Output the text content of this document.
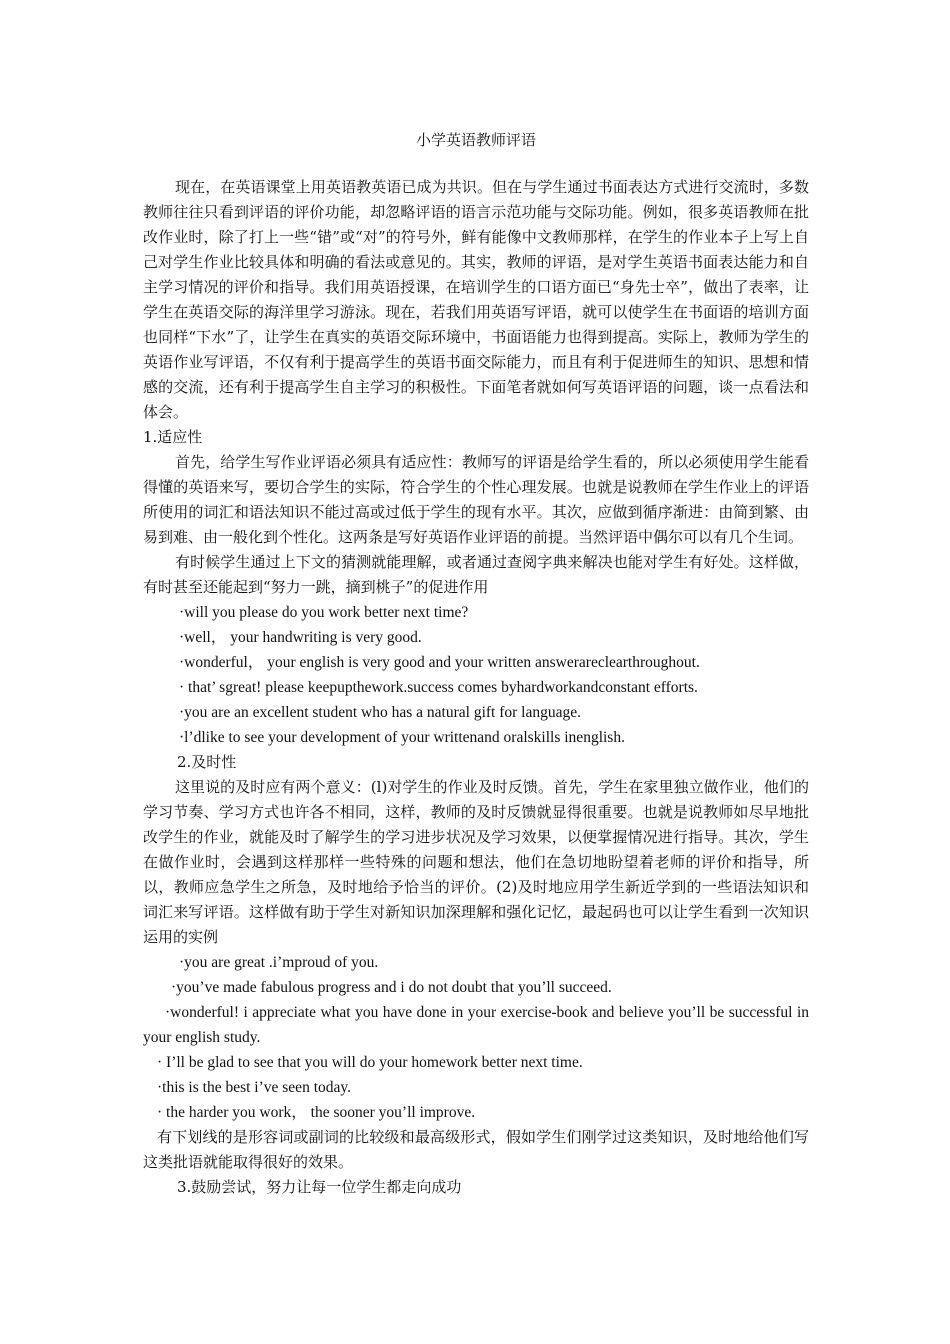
小学英语教师评语

现在，在英语课堂上用英语教英语已成为共识。但在与学生通过书面表达方式进行交流时，多数教师往往只看到评语的评价功能，却忽略评语的语言示范功能与交际功能。例如，很多英语教师在批改作业时，除了打上一些“错”或“对”的符号外，鲜有能像中文教师那样，在学生的作业本子上写上自己对学生作业比较具体和明确的看法或意见的。其实，教师的评语，是对学生英语书面表达能力和自主学习情况的评价和指导。我们用英语授课，在培训学生的口语方面已“身先士卒”，做出了表率，让学生在英语交际的海洋里学习游泳。现在，若我们用英语写评语，就可以使学生在书面语的培训方面也同样“下水”了，让学生在真实的英语交际环境中，书面语能力也得到提高。实际上，教师为学生的英语作业写评语，不仅有利于提高学生的英语书面交际能力，而且有利于促进师生的知识、思想和情感的交流，还有利于提高学生自主学习的积极性。下面笔者就如何写英语评语的问题，谈一点看法和体会。

1.适应性

首先，给学生写作业评语必须具有适应性：教师写的评语是给学生看的，所以必须使用学生能看得懂的英语来写，要切合学生的实际，符合学生的个性心理发展。也就是说教师在学生作业上的评语所使用的词汇和语法知识不能过高或过低于学生的现有水平。其次，应做到循序渐进：由简到繁、由易到难、由一般化到个性化。这两条是写好英语作业评语的前提。当然评语中偶尔可以有几个生词。

有时候学生通过上下文的猜测就能理解，或者通过查阅字典来解决也能对学生有好处。这样做，有时甚至还能起到“努力一跳，摘到桃子”的促进作用

·will you please do you work better next time?

·well， your handwriting is very good.

·wonderful， your english is very good and your written answerareclearthroughout.

· that’ sgreat! please keepupthework.success comes byhardworkandconstant efforts.

·you are an excellent student who has a natural gift for language.

·l’dlike to see your development of your writtenand oralskills inenglish.

2.及时性

这里说的及时应有两个意义：(l)对学生的作业及时反馈。首先，学生在家里独立做作业，他们的学习节奏、学习方式也许各不相同，这样，教师的及时反馈就显得很重要。也就是说教师如尽早地批改学生的作业，就能及时了解学生的学习进步状况及学习效果，以便掌握情况进行指导。其次，学生在做作业时，会遇到这样那样一些特殊的问题和想法，他们在急切地盼望着老师的评价和指导，所以，教师应急学生之所急，及时地给予恰当的评价。(2)及时地应用学生新近学到的一些语法知识和词汇来写评语。这样做有助于学生对新知识加深理解和强化记忆，最起码也可以让学生看到一次知识运用的实例

·you are great .i’mproud of you.

·you’ve made fabulous progress and i do not doubt that you’ll succeed.

·wonderful! i appreciate what you have done in your exercise-book and believe you’ll be successful in your english study.

· I’ll be glad to see that you will do your homework better next time.

·this is the best i’ve seen today.

· the harder you work， the sooner you’ll improve.

有下划线的是形容词或副词的比较级和最高级形式，假如学生们刚学过这类知识，及时地给他们写这类批语就能取得很好的效果。

3.鼓励尝试，努力让每一位学生都走向成功
